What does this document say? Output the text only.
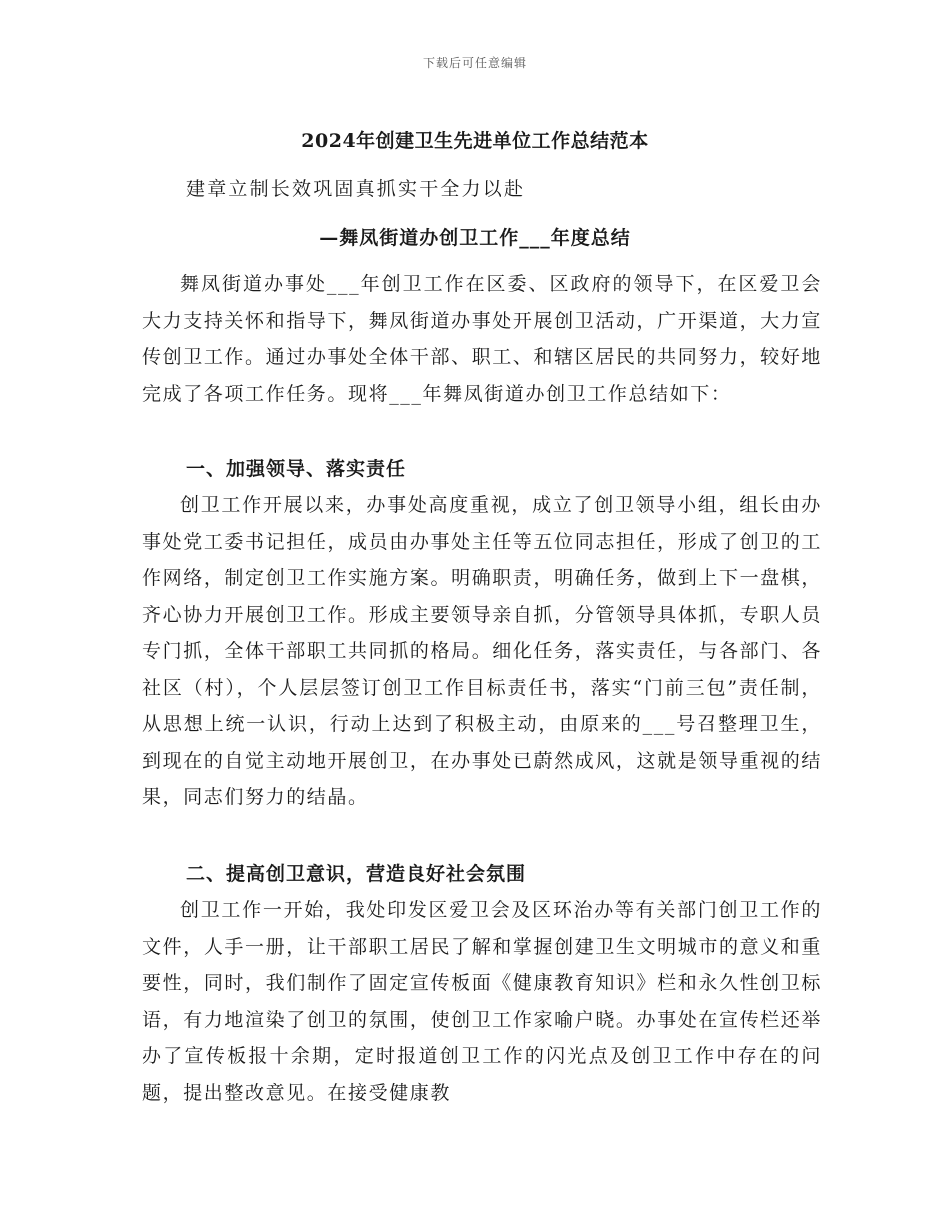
下载后可任意编辑
2024年创建卫生先进单位工作总结范本
建章立制长效巩固真抓实干全力以赴
—舞凤街道办创卫工作___年度总结
舞凤街道办事处___年创卫工作在区委、区政府的领导下，在区爱卫会大力支持关怀和指导下，舞凤街道办事处开展创卫活动，广开渠道，大力宣传创卫工作。通过办事处全体干部、职工、和辖区居民的共同努力，较好地完成了各项工作任务。现将___年舞凤街道办创卫工作总结如下：
一、加强领导、落实责任
创卫工作开展以来，办事处高度重视，成立了创卫领导小组，组长由办事处党工委书记担任，成员由办事处主任等五位同志担任，形成了创卫的工作网络，制定创卫工作实施方案。明确职责，明确任务，做到上下一盘棋，齐心协力开展创卫工作。形成主要领导亲自抓，分管领导具体抓，专职人员专门抓，全体干部职工共同抓的格局。细化任务，落实责任，与各部门、各社区（村），个人层层签订创卫工作目标责任书，落实“门前三包”责任制，从思想上统一认识，行动上达到了积极主动，由原来的___号召整理卫生，到现在的自觉主动地开展创卫，在办事处已蔚然成风，这就是领导重视的结果，同志们努力的结晶。
二、提高创卫意识，营造良好社会氛围
创卫工作一开始，我处印发区爱卫会及区环治办等有关部门创卫工作的文件，人手一册，让干部职工居民了解和掌握创建卫生文明城市的意义和重要性，同时，我们制作了固定宣传板面《健康教育知识》栏和永久性创卫标语，有力地渲染了创卫的氛围，使创卫工作家喻户晓。办事处在宣传栏还举办了宣传板报十余期，定时报道创卫工作的闪光点及创卫工作中存在的问题，提出整改意见。在接受健康教
